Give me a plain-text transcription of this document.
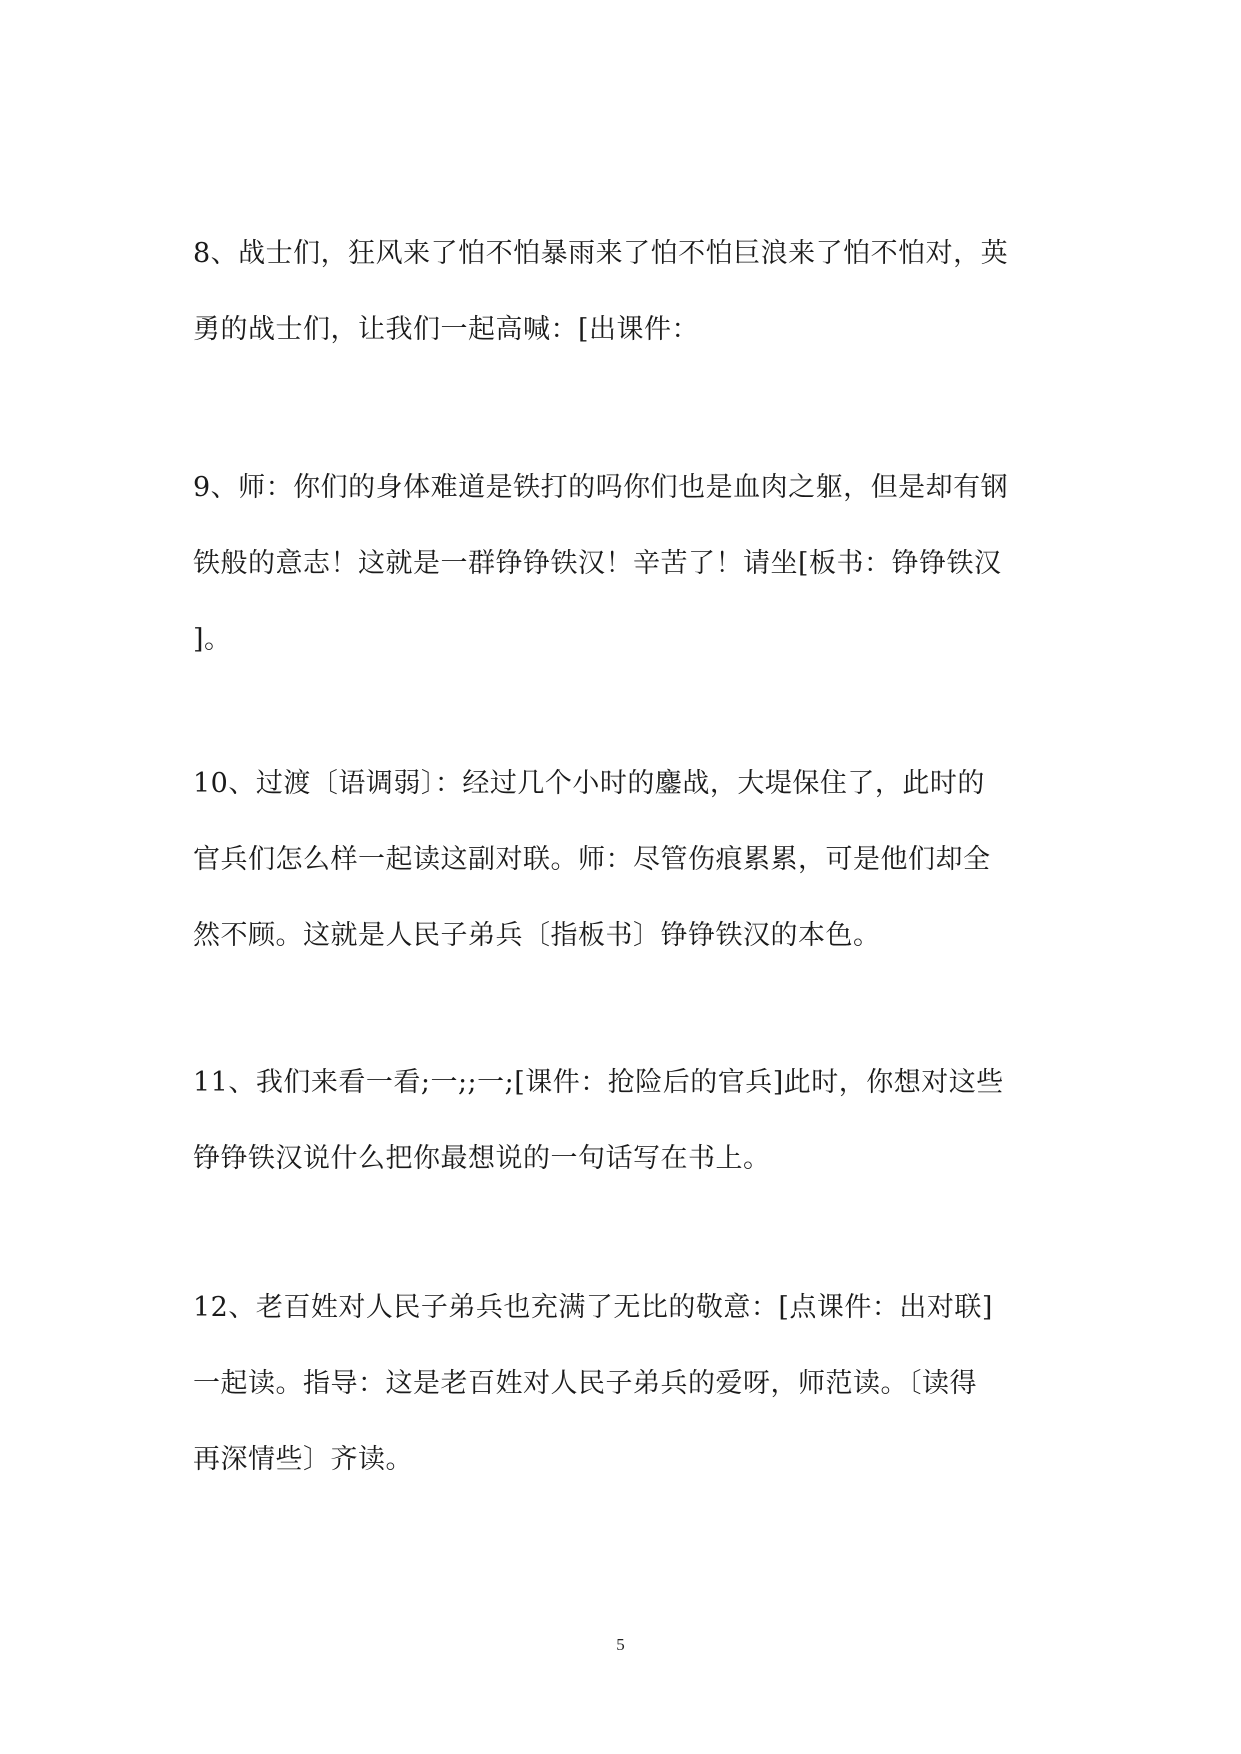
8、战士们，狂风来了怕不怕暴雨来了怕不怕巨浪来了怕不怕对，英
勇的战士们，让我们一起高喊：[出课件：

9、师：你们的身体难道是铁打的吗你们也是血肉之躯，但是却有钢
铁般的意志！这就是一群铮铮铁汉！辛苦了！请坐[板书：铮铮铁汉
]。

10、过渡〔语调弱〕：经过几个小时的鏖战，大堤保住了，此时的
官兵们怎么样一起读这副对联。师：尽管伤痕累累，可是他们却全
然不顾。这就是人民子弟兵〔指板书〕铮铮铁汉的本色。

11、我们来看一看;一;;一;[课件：抢险后的官兵]此时，你想对这些
铮铮铁汉说什么把你最想说的一句话写在书上。

12、老百姓对人民子弟兵也充满了无比的敬意：[点课件：出对联]
一起读。指导：这是老百姓对人民子弟兵的爱呀，师范读。〔读得
再深情些〕齐读。

5
